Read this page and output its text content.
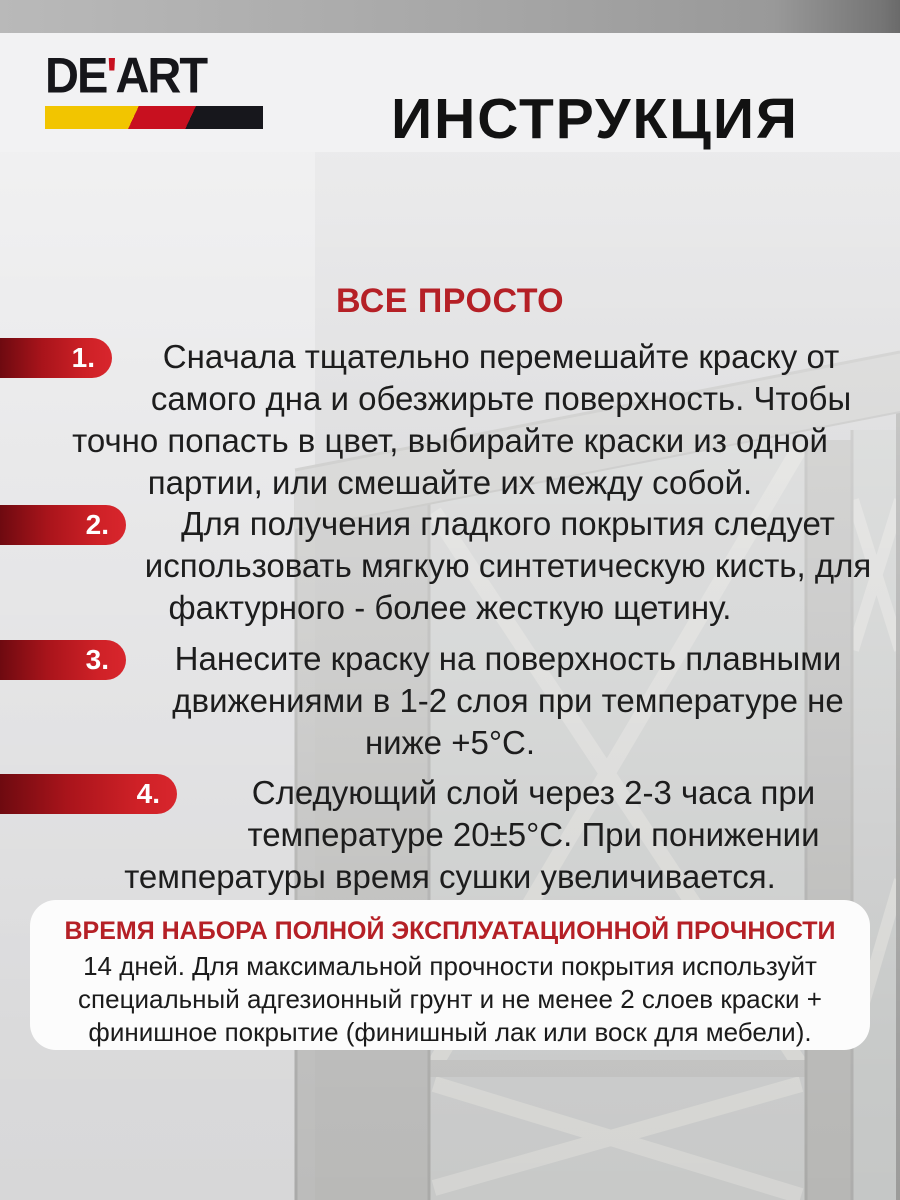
DE'ART
ИНСТРУКЦИЯ
ВСЕ ПРОСТО
1.	Сначала тщательно перемешайте краску от самого дна и обезжирьте поверхность. Чтобы точно попасть в цвет, выбирайте краски из одной партии, или смешайте их между собой.
2.	Для получения гладкого покрытия следует использовать мягкую синтетическую кисть, для фактурного - более жесткую щетину.
3.	Нанесите краску на поверхность плавными движениями в 1-2 слоя при температуре не ниже +5°С.
4.	Следующий слой через 2-3 часа при температуре 20±5°С. При понижении температуры время сушки увеличивается.
ВРЕМЯ НАБОРА ПОЛНОЙ ЭКСПЛУАТАЦИОННОЙ ПРОЧНОСТИ
14 дней. Для максимальной прочности покрытия используйт специальный адгезионный грунт и не менее 2 слоев краски + финишное покрытие (финишный лак или воск для мебели).
